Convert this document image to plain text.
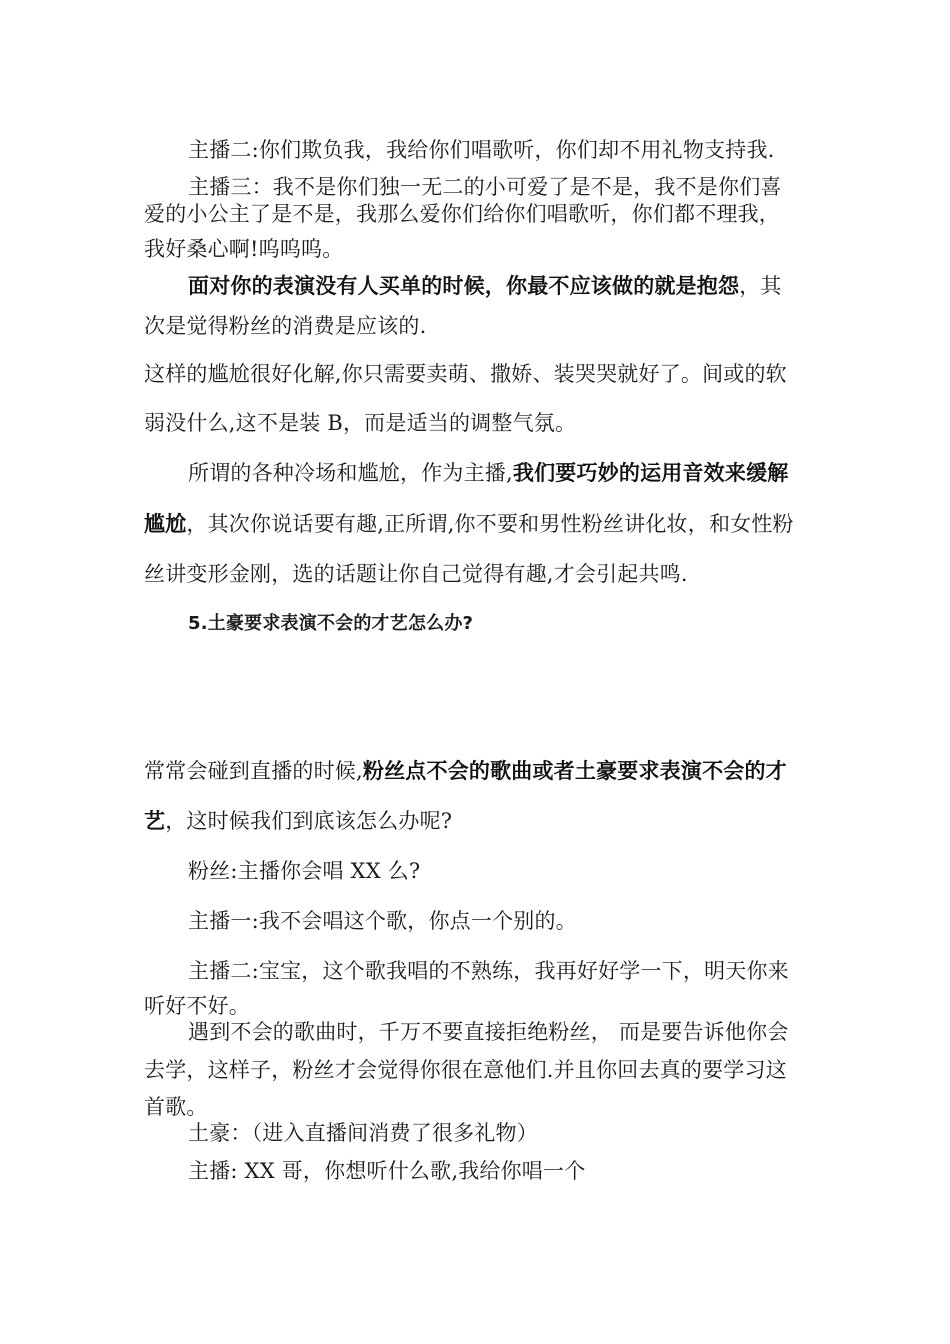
主播二:你们欺负我，我给你们唱歌听，你们却不用礼物支持我.
主播三：我不是你们独一无二的小可爱了是不是，我不是你们喜
爱的小公主了是不是，我那么爱你们给你们唱歌听，你们都不理我，
我好桑心啊!呜呜呜。
面对你的表演没有人买单的时候，你最不应该做的就是抱怨，其
次是觉得粉丝的消费是应该的.
这样的尴尬很好化解,你只需要卖萌、撒娇、装哭哭就好了。间或的软
弱没什么,这不是装 B，而是适当的调整气氛。
所谓的各种冷场和尴尬，作为主播,我们要巧妙的运用音效来缓解
尴尬，其次你说话要有趣,正所谓,你不要和男性粉丝讲化妆，和女性粉
丝讲变形金刚，选的话题让你自己觉得有趣,才会引起共鸣.
5.土豪要求表演不会的才艺怎么办?
常常会碰到直播的时候,粉丝点不会的歌曲或者土豪要求表演不会的才
艺，这时候我们到底该怎么办呢?
粉丝:主播你会唱 XX 么?
主播一:我不会唱这个歌，你点一个别的。
主播二:宝宝，这个歌我唱的不熟练，我再好好学一下，明天你来
听好不好。
遇到不会的歌曲时，千万不要直接拒绝粉丝， 而是要告诉他你会
去学，这样子，粉丝才会觉得你很在意他们.并且你回去真的要学习这
首歌。
土豪：（进入直播间消费了很多礼物）
主播: XX 哥，你想听什么歌,我给你唱一个
